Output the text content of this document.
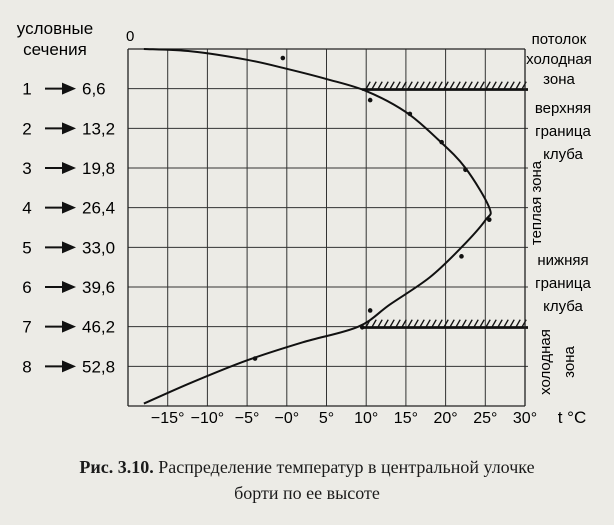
−15° −10° −5° −0° 5° 10° 15° 20° 25° 30°
1	6,6
2	13,2
3	19,8
4	26,4
5	33,0
6	39,6
7	46,2
8	52,8
условные
сечения
0
t °C
потолок
холодная
зона
верхняя
граница
клуба
теплая зона
нижняя
граница
клуба
холодная зона
Рис. 3.10. Распределение температур в центральной улочке
борти по ее высоте
